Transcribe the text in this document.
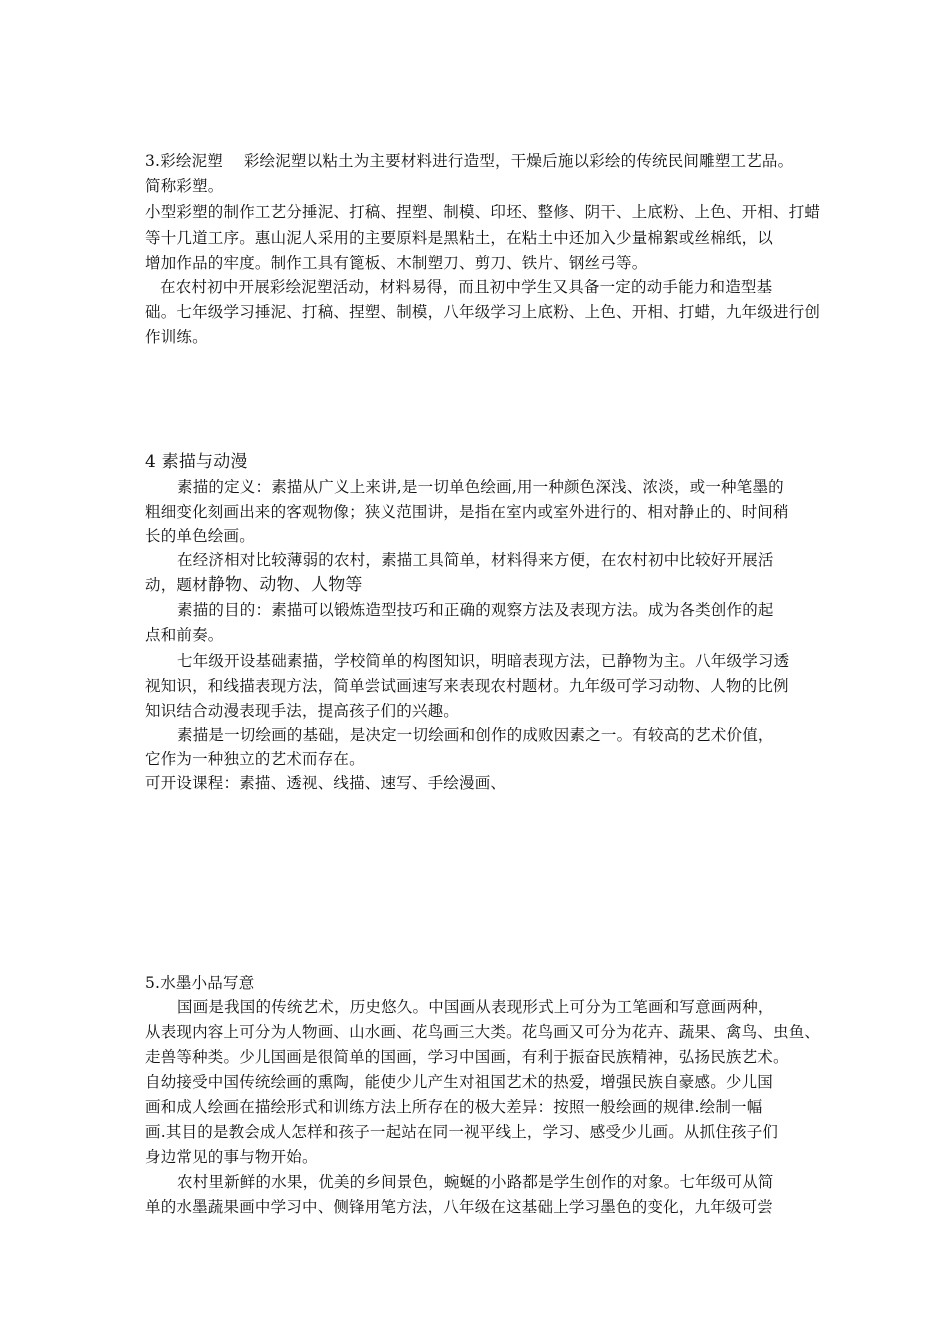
3.彩绘泥塑　 彩绘泥塑以粘土为主要材料进行造型，干燥后施以彩绘的传统民间雕塑工艺品。
简称彩塑。
小型彩塑的制作工艺分捶泥、打稿、捏塑、制模、印坯、整修、阴干、上底粉、上色、开相、打蜡
等十几道工序。惠山泥人采用的主要原料是黑粘土，在粘土中还加入少量棉絮或丝棉纸，以
增加作品的牢度。制作工具有篦板、木制塑刀、剪刀、铁片、钢丝弓等。
在农村初中开展彩绘泥塑活动，材料易得，而且初中学生又具备一定的动手能力和造型基
础。七年级学习捶泥、打稿、捏塑、制模，八年级学习上底粉、上色、开相、打蜡，九年级进行创
作训练。
4 素描与动漫
素描的定义：素描从广义上来讲,是一切单色绘画,用一种颜色深浅、浓淡，或一种笔墨的
粗细变化刻画出来的客观物像；狭义范围讲，是指在室内或室外进行的、相对静止的、时间稍
长的单色绘画。
在经济相对比较薄弱的农村，素描工具简单，材料得来方便，在农村初中比较好开展活
动，题材静物、动物、人物等
素描的目的：素描可以锻炼造型技巧和正确的观察方法及表现方法。成为各类创作的起
点和前奏。
七年级开设基础素描，学校简单的构图知识，明暗表现方法，已静物为主。八年级学习透
视知识，和线描表现方法，简单尝试画速写来表现农村题材。九年级可学习动物、人物的比例
知识结合动漫表现手法，提高孩子们的兴趣。
素描是一切绘画的基础，是决定一切绘画和创作的成败因素之一。有较高的艺术价值，
它作为一种独立的艺术而存在。
可开设课程：素描、透视、线描、速写、手绘漫画、
5.水墨小品写意
国画是我国的传统艺术，历史悠久。中国画从表现形式上可分为工笔画和写意画两种，
从表现内容上可分为人物画、山水画、花鸟画三大类。花鸟画又可分为花卉、蔬果、禽鸟、虫鱼、
走兽等种类。少儿国画是很简单的国画，学习中国画，有利于振奋民族精神，弘扬民族艺术。
自幼接受中国传统绘画的熏陶，能使少儿产生对祖国艺术的热爱，增强民族自豪感。少儿国
画和成人绘画在描绘形式和训练方法上所存在的极大差异：按照一般绘画的规律.绘制一幅
画.其目的是教会成人怎样和孩子一起站在同一视平线上，学习、感受少儿画。从抓住孩子们
身边常见的事与物开始。
农村里新鲜的水果，优美的乡间景色，蜿蜒的小路都是学生创作的对象。七年级可从简
单的水墨蔬果画中学习中、侧锋用笔方法，八年级在这基础上学习墨色的变化，九年级可尝
